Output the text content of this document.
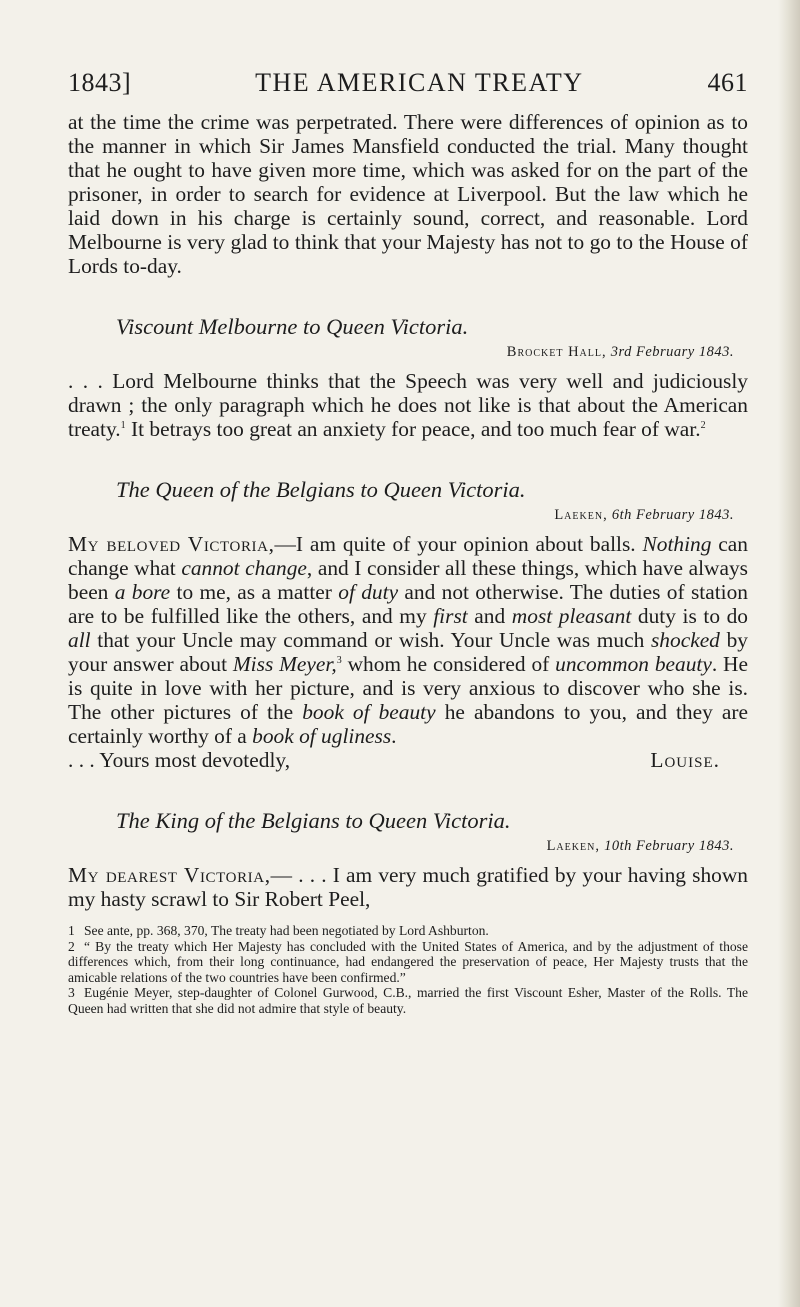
1843]	THE AMERICAN TREATY	461

at the time the crime was perpetrated. There were differences of opinion as to the manner in which Sir James Mansfield conducted the trial. Many thought that he ought to have given more time, which was asked for on the part of the prisoner, in order to search for evidence at Liverpool. But the law which he laid down in his charge is certainly sound, correct, and reasonable. Lord Melbourne is very glad to think that your Majesty has not to go to the House of Lords to-day.

Viscount Melbourne to Queen Victoria.
Brocket Hall, 3rd February 1843.

. . . Lord Melbourne thinks that the Speech was very well and judiciously drawn ; the only paragraph which he does not like is that about the American treaty.$^1$ It betrays too great an anxiety for peace, and too much fear of war.$^2$

The Queen of the Belgians to Queen Victoria.
Laeken, 6th February 1843.

My beloved Victoria,—I am quite of your opinion about balls. Nothing can change what cannot change, and I consider all these things, which have always been a bore to me, as a matter of duty and not otherwise. The duties of station are to be fulfilled like the others, and my first and most pleasant duty is to do all that your Uncle may command or wish. Your Uncle was much shocked by your answer about Miss Meyer,$^3$ whom he considered of uncommon beauty. He is quite in love with her picture, and is very anxious to discover who she is. The other pictures of the book of beauty he abandons to you, and they are certainly worthy of a book of ugliness.

. . . Yours most devotedly,	Louise.
The King of the Belgians to Queen Victoria.
Laeken, 10th February 1843.

My dearest Victoria,— . . . I am very much gratified by your having shown my hasty scrawl to Sir Robert Peel,

1 See ante, pp. 368, 370, The treaty had been negotiated by Lord Ashburton.

2 “ By the treaty which Her Majesty has concluded with the United States of America, and by the adjustment of those differences which, from their long continuance, had endangered the preservation of peace, Her Majesty trusts that the amicable relations of the two countries have been confirmed.”

3 Eugénie Meyer, step-daughter of Colonel Gurwood, C.B., married the first Viscount Esher, Master of the Rolls. The Queen had written that she did not admire that style of beauty.
